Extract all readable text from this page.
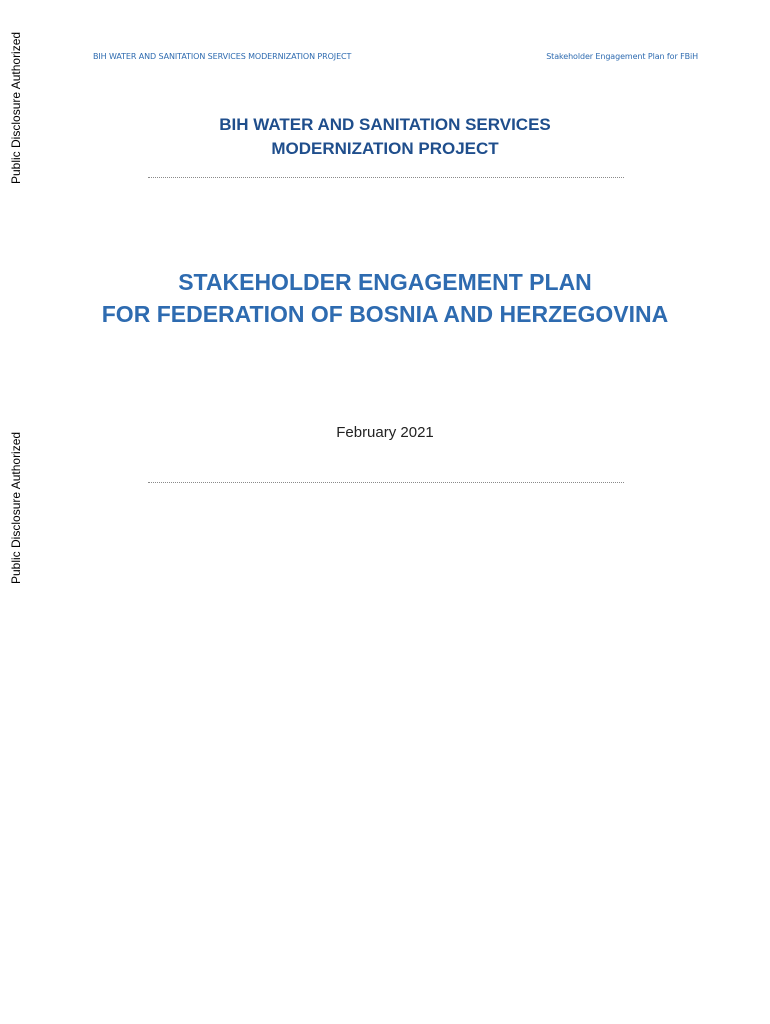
Public Disclosure Authorized
Public Disclosure Authorized
BIH WATER AND SANITATION SERVICES MODERNIZATION PROJECT	Stakeholder Engagement Plan for FBiH
BIH WATER AND SANITATION SERVICES
MODERNIZATION PROJECT
STAKEHOLDER ENGAGEMENT PLAN
FOR FEDERATION OF BOSNIA AND HERZEGOVINA
February 2021
